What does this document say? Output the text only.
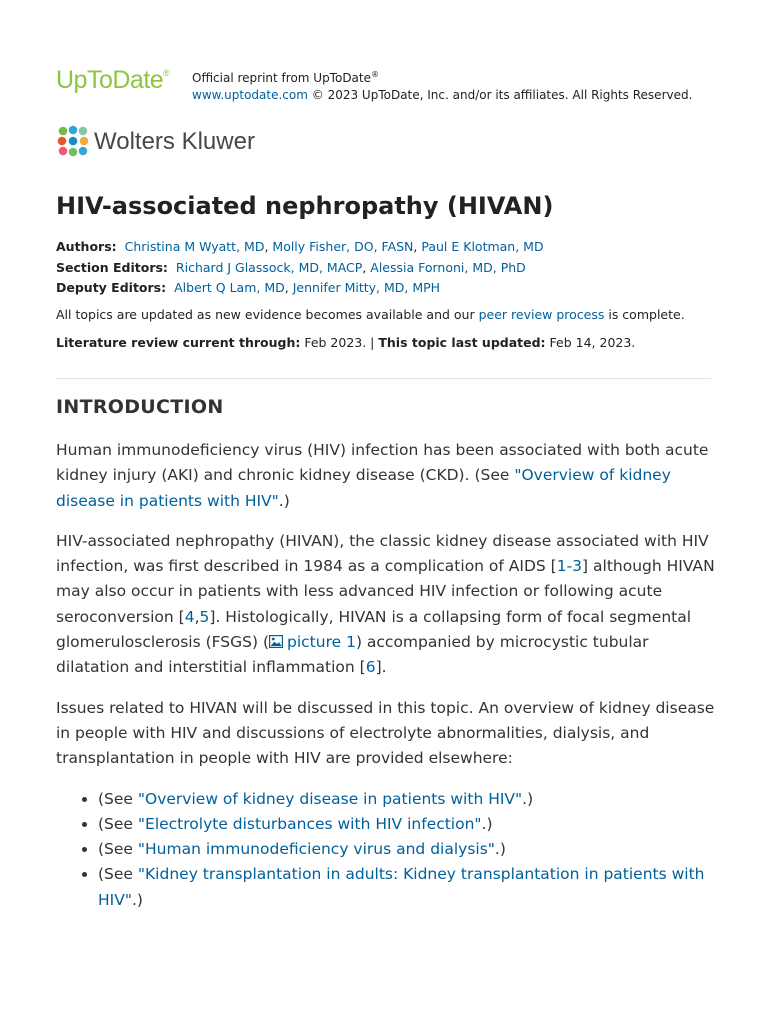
UpToDate® Official reprint from UpToDate®
www.uptodate.com © 2023 UpToDate, Inc. and/or its affiliates. All Rights Reserved.
Wolters Kluwer
HIV-associated nephropathy (HIVAN)
Authors: Christina M Wyatt, MD, Molly Fisher, DO, FASN, Paul E Klotman, MD
Section Editors: Richard J Glassock, MD, MACP, Alessia Fornoni, MD, PhD
Deputy Editors: Albert Q Lam, MD, Jennifer Mitty, MD, MPH
All topics are updated as new evidence becomes available and our peer review process is complete.
Literature review current through: Feb 2023. | This topic last updated: Feb 14, 2023.
INTRODUCTION

Human immunodeficiency virus (HIV) infection has been associated with both acute kidney injury (AKI) and chronic kidney disease (CKD). (See "Overview of kidney disease in patients with HIV".)

HIV-associated nephropathy (HIVAN), the classic kidney disease associated with HIV infection, was first described in 1984 as a complication of AIDS [1-3] although HIVAN may also occur in patients with less advanced HIV infection or following acute seroconversion [4,5]. Histologically, HIVAN is a collapsing form of focal segmental glomerulosclerosis (FSGS) ( picture 1) accompanied by microcystic tubular dilatation and interstitial inflammation [6].

Issues related to HIVAN will be discussed in this topic. An overview of kidney disease in people with HIV and discussions of electrolyte abnormalities, dialysis, and transplantation in people with HIV are provided elsewhere:

• (See "Overview of kidney disease in patients with HIV".)
• (See "Electrolyte disturbances with HIV infection".)
• (See "Human immunodeficiency virus and dialysis".)
• (See "Kidney transplantation in adults: Kidney transplantation in patients with HIV".)
